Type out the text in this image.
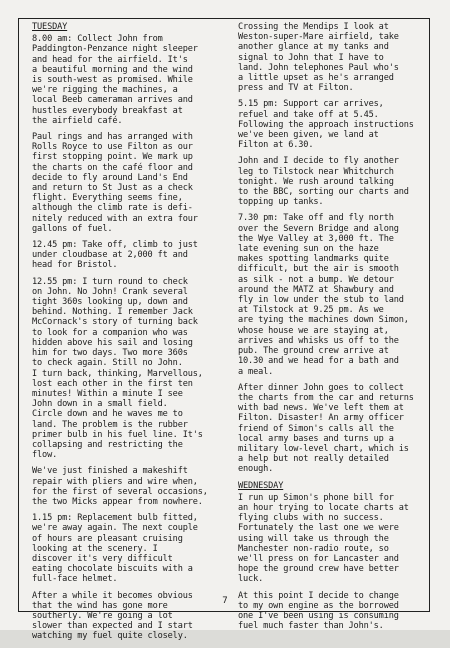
TUESDAY

8.00 am: Collect John from
Paddington-Penzance night sleeper
and head for the airfield. It's
a beautiful morning and the wind
is south-west as promised. While
we're rigging the machines, a
local Beeb cameraman arrives and
hustles everybody breakfast at
the airfield café.

Paul rings and has arranged with
Rolls Royce to use Filton as our
first stopping point. We mark up
the charts on the café floor and
decide to fly around Land's End
and return to St Just as a check
flight. Everything seems fine,
although the climb rate is defi-
nitely reduced with an extra four
gallons of fuel.

12.45 pm: Take off, climb to just
under cloudbase at 2,000 ft and
head for Bristol.

12.55 pm: I turn round to check
on John. No John! Crank several
tight 360s looking up, down and
behind. Nothing. I remember Jack
McCornack's story of turning back
to look for a companion who was
hidden above his sail and losing
him for two days. Two more 360s
to check again. Still no John.
I turn back, thinking, Marvellous,
lost each other in the first ten
minutes! Within a minute I see
John down in a small field.
Circle down and he waves me to
land. The problem is the rubber
primer bulb in his fuel line. It's
collapsing and restricting the
flow.

We've just finished a makeshift
repair with pliers and wire when,
for the first of several occasions,
the two Micks appear from nowhere.

1.15 pm: Replacement bulb fitted,
we're away again. The next couple
of hours are pleasant cruising
looking at the scenery. I
discover it's very difficult
eating chocolate biscuits with a
full-face helmet.

After a while it becomes obvious
that the wind has gone more
southerly. We're going a lot
slower than expected and I start
watching my fuel quite closely.

Crossing the Mendips I look at
Weston-super-Mare airfield, take
another glance at my tanks and
signal to John that I have to
land. John telephones Paul who's
a little upset as he's arranged
press and TV at Filton.

5.15 pm: Support car arrives,
refuel and take off at 5.45.
Following the approach instructions
we've been given, we land at
Filton at 6.30.

John and I decide to fly another
leg to Tilstock near Whitchurch
tonight. We rush around talking
to the BBC, sorting our charts and
topping up tanks.

7.30 pm: Take off and fly north
over the Severn Bridge and along
the Wye Valley at 3,000 ft. The
late evening sun on the haze
makes spotting landmarks quite
difficult, but the air is smooth
as silk - not a bump. We detour
around the MATZ at Shawbury and
fly in low under the stub to land
at Tilstock at 9.25 pm. As we
are tying the machines down Simon,
whose house we are staying at,
arrives and whisks us off to the
pub. The ground crew arrive at
10.30 and we head for a bath and
a meal.

After dinner John goes to collect
the charts from the car and returns
with bad news. We've left them at
Filton. Disaster! An army officer
friend of Simon's calls all the
local army bases and turns up a
military low-level chart, which is
a help but not really detailed
enough.

WEDNESDAY

I run up Simon's phone bill for
an hour trying to locate charts at
flying clubs with no success.
Fortunately the last one we were
using will take us through the
Manchester non-radio route, so
we'll press on for Lancaster and
hope the ground crew have better
luck.

At this point I decide to change
to my own engine as the borrowed
one I've been using is consuming
fuel much faster than John's.

7
